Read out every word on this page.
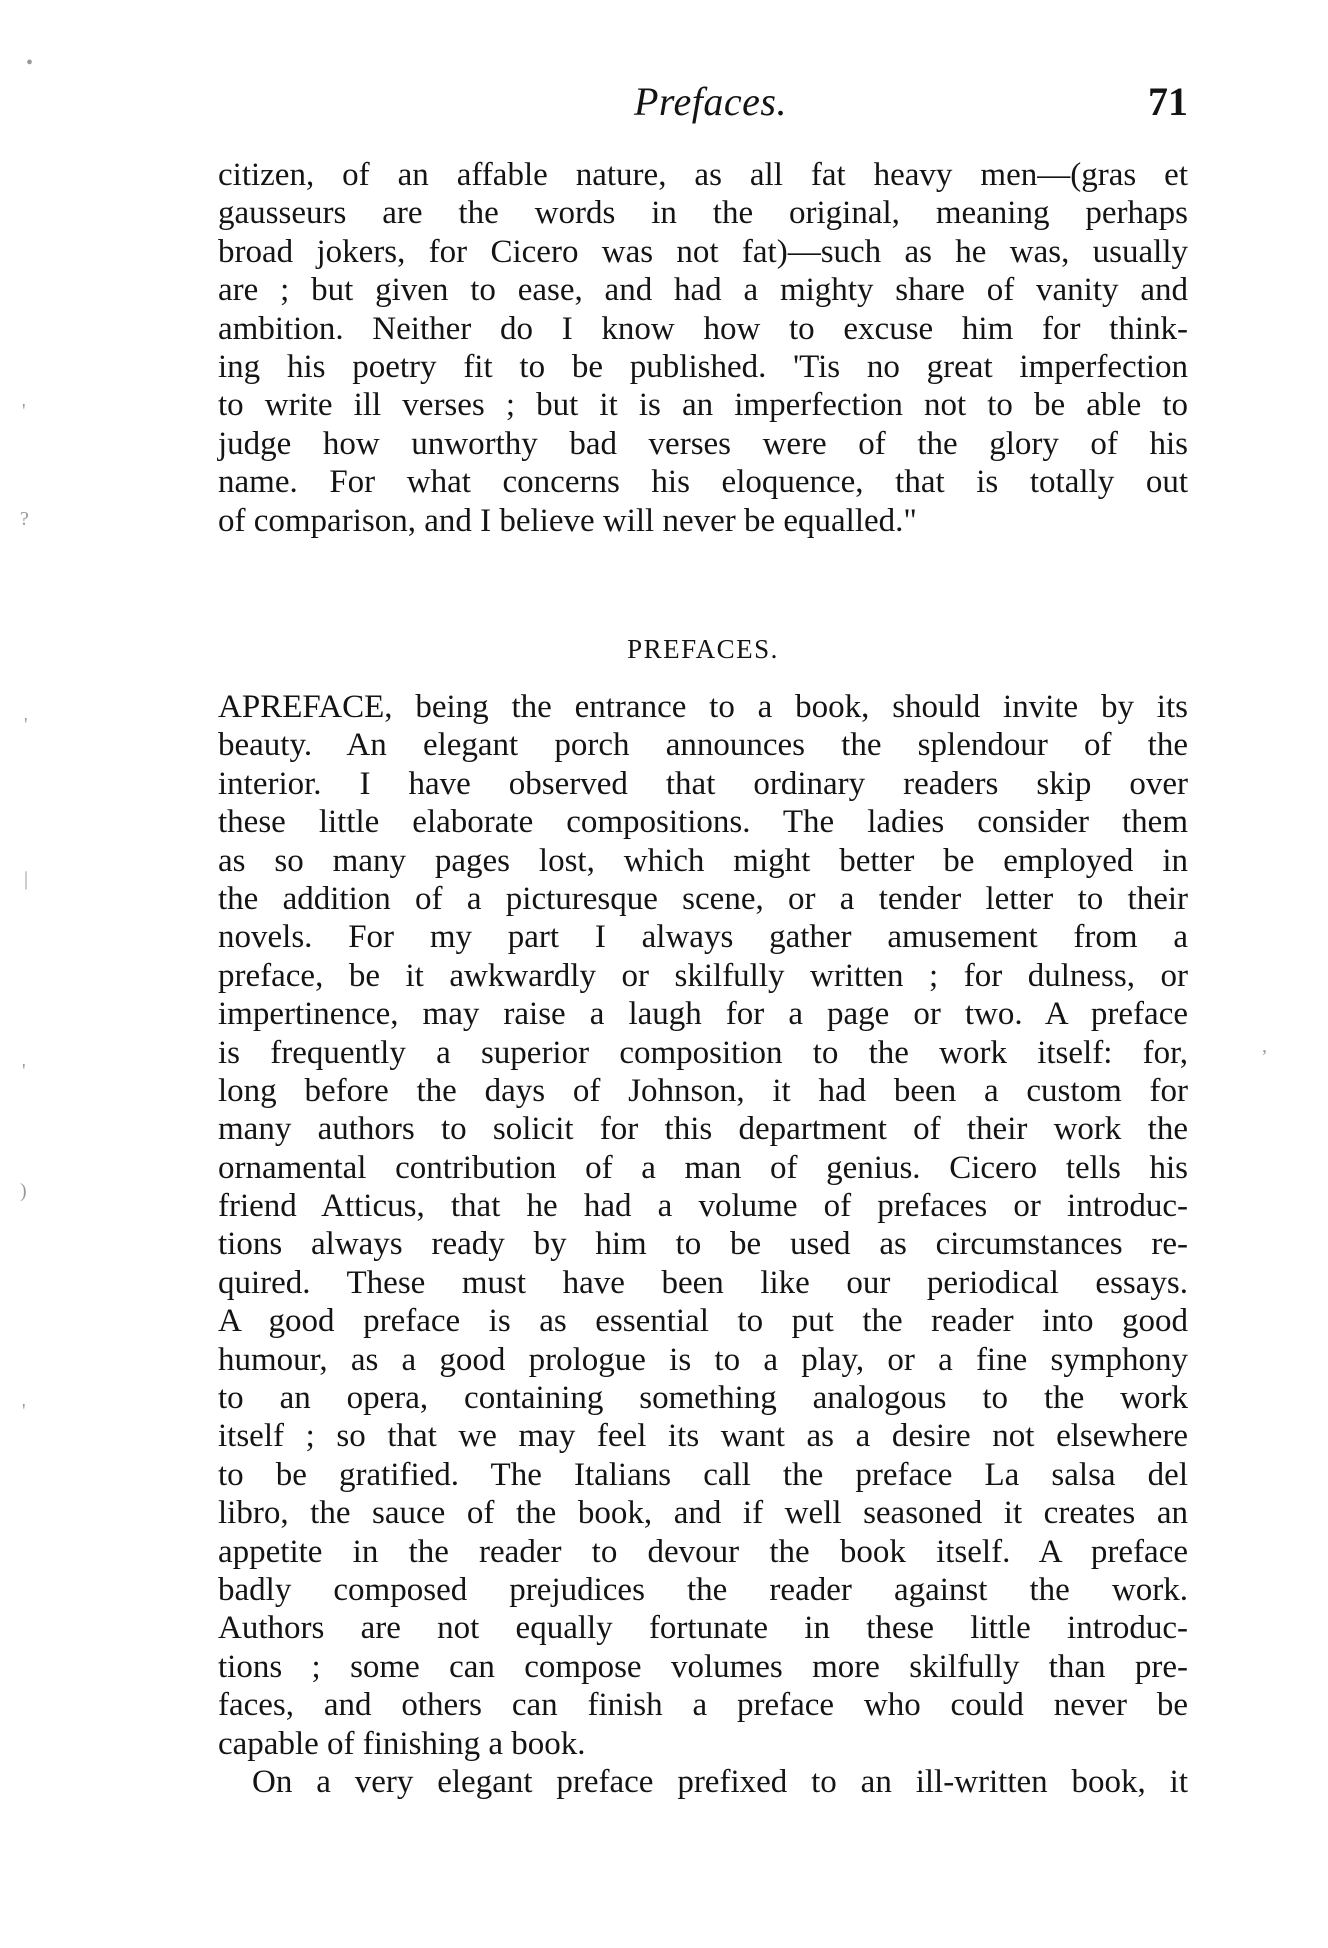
Prefaces.	71
citizen, of an affable nature, as all fat heavy men—(gras et
gausseurs are the words in the original, meaning perhaps
broad jokers, for Cicero was not fat)—such as he was, usually
are ; but given to ease, and had a mighty share of vanity and
ambition. Neither do I know how to excuse him for think-
ing his poetry fit to be published. 'Tis no great imperfection
to write ill verses ; but it is an imperfection not to be able to
judge how unworthy bad verses were of the glory of his
name. For what concerns his eloquence, that is totally out
of comparison, and I believe will never be equalled."
PREFACES.
APREFACE, being the entrance to a book, should invite by its
beauty. An elegant porch announces the splendour of the
interior. I have observed that ordinary readers skip over
these little elaborate compositions. The ladies consider them
as so many pages lost, which might better be employed in
the addition of a picturesque scene, or a tender letter to their
novels. For my part I always gather amusement from a
preface, be it awkwardly or skilfully written ; for dulness, or
impertinence, may raise a laugh for a page or two. A preface
is frequently a superior composition to the work itself: for,
long before the days of Johnson, it had been a custom for
many authors to solicit for this department of their work the
ornamental contribution of a man of genius. Cicero tells his
friend Atticus, that he had a volume of prefaces or introduc-
tions always ready by him to be used as circumstances re-
quired. These must have been like our periodical essays.
A good preface is as essential to put the reader into good
humour, as a good prologue is to a play, or a fine symphony
to an opera, containing something analogous to the work
itself ; so that we may feel its want as a desire not elsewhere
to be gratified. The Italians call the preface La salsa del
libro, the sauce of the book, and if well seasoned it creates an
appetite in the reader to devour the book itself. A preface
badly composed prejudices the reader against the work.
Authors are not equally fortunate in these little introduc-
tions ; some can compose volumes more skilfully than pre-
faces, and others can finish a preface who could never be
capable of finishing a book.
On a very elegant preface prefixed to an ill-written book, it
•
'
?
'
|
'
)
'
,
